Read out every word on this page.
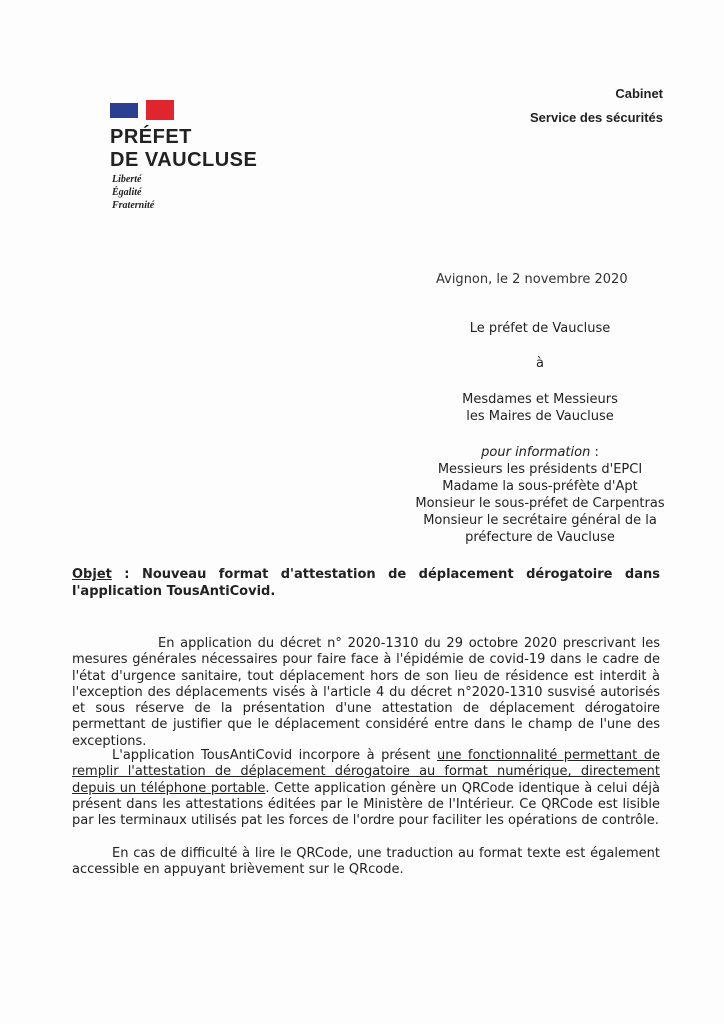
PRÉFET
DE VAUCLUSE
Liberté
Égalité
Fraternité
Cabinet
Service des sécurités
Avignon, le 2 novembre 2020
Le préfet de Vaucluse
à
Mesdames et Messieurs
les Maires de Vaucluse
pour information :
Messieurs les présidents d'EPCI
Madame la sous-préfète d'Apt
Monsieur le sous-préfet de Carpentras
Monsieur le secrétaire général de la
préfecture de Vaucluse
Objet : Nouveau format d'attestation de déplacement dérogatoire dans l'application TousAntiCovid.
En application du décret n° 2020-1310 du 29 octobre 2020 prescrivant les mesures générales nécessaires pour faire face à l'épidémie de covid-19 dans le cadre de l'état d'urgence sanitaire, tout déplacement hors de son lieu de résidence est interdit à l'exception des déplacements visés à l'article 4 du décret n°2020-1310 susvisé autorisés et sous réserve de la présentation d'une attestation de déplacement dérogatoire permettant de justifier que le déplacement considéré entre dans le champ de l'une des exceptions.
L'application TousAntiCovid incorpore à présent une fonctionnalité permettant de remplir l'attestation de déplacement dérogatoire au format numérique, directement depuis un téléphone portable. Cette application génère un QRCode identique à celui déjà présent dans les attestations éditées par le Ministère de l'Intérieur. Ce QRCode est lisible par les terminaux utilisés pat les forces de l'ordre pour faciliter les opérations de contrôle.
En cas de difficulté à lire le QRCode, une traduction au format texte est également accessible en appuyant brièvement sur le QRcode.
